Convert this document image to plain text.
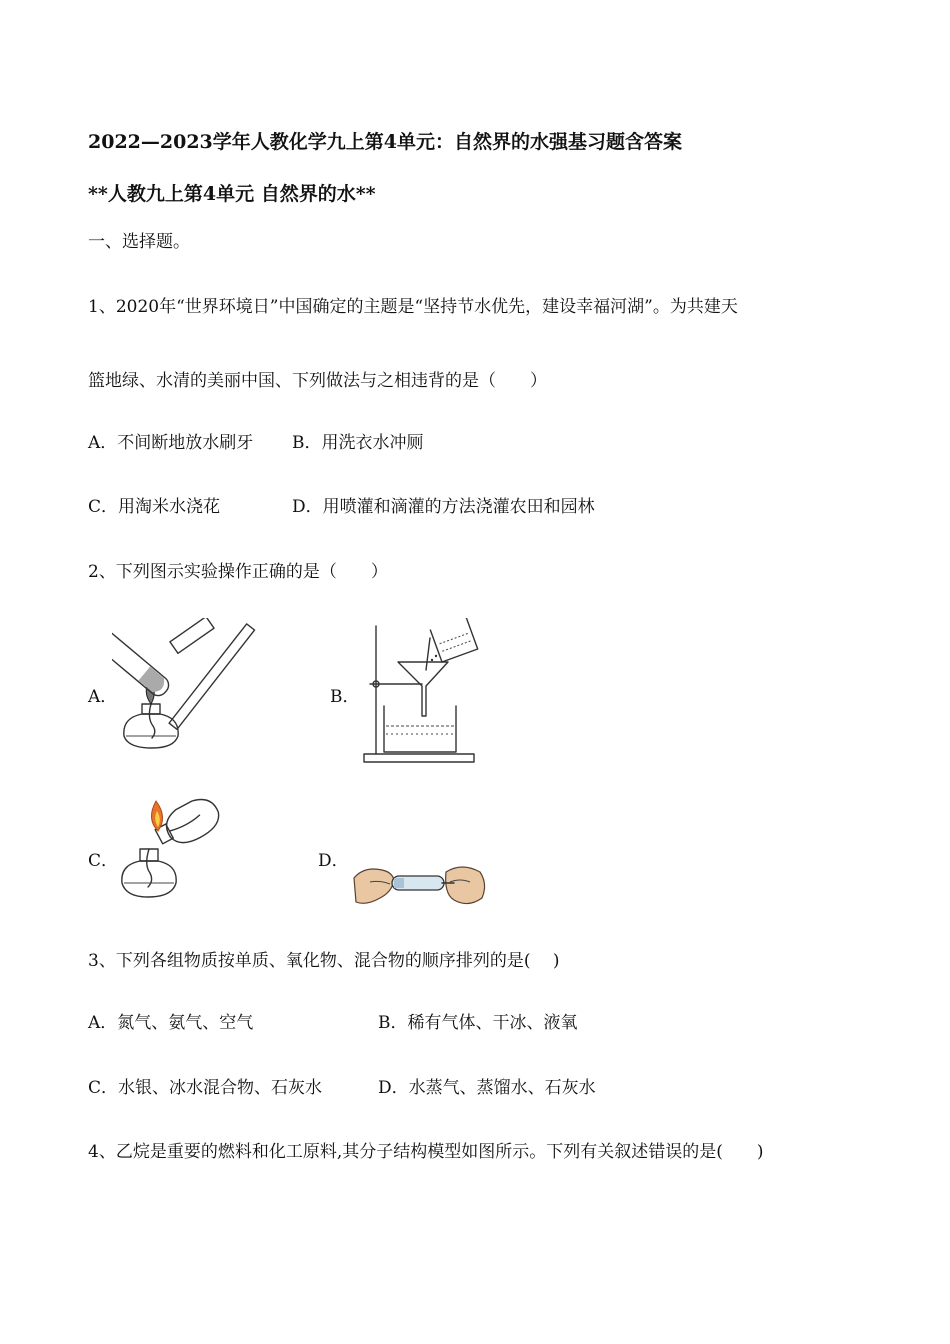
2022—2023学年人教化学九上第4单元：自然界的水强基习题含答案
**人教九上第4单元 自然界的水**
一、选择题。
1、2020年“世界环境日”中国确定的主题是“坚持节水优先，建设幸福河湖”。为共建天
篮地绿、水清的美丽中国、下列做法与之相违背的是（　　）
A．不间断地放水刷牙 B．用洗衣水冲厕
C．用淘米水浇花	D．用喷灌和滴灌的方法浇灌农田和园林
2、下列图示实验操作正确的是（　　）
A．	B．
C．	D．
3、下列各组物质按单质、氧化物、混合物的顺序排列的是(　 )
A．氮气、氨气、空气	B．稀有气体、干冰、液氧
C．水银、冰水混合物、石灰水	D．水蒸气、蒸馏水、石灰水
4、乙烷是重要的燃料和化工原料,其分子结构模型如图所示。下列有关叙述错误的是(　　)
